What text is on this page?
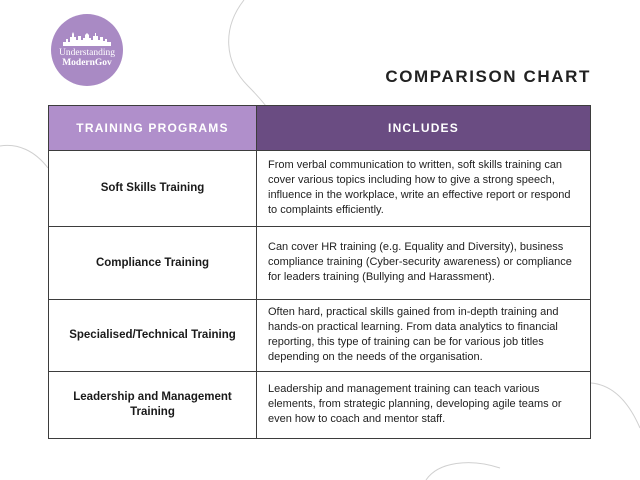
Understanding
ModernGov
COMPARISON CHART
TRAINING PROGRAMS	INCLUDES
Soft Skills Training	From verbal communication to written, soft skills training can cover various topics including how to give a strong speech, influence in the workplace, write an effective report or respond to complaints efficiently.
Compliance Training	Can cover HR training (e.g. Equality and Diversity), business compliance training (Cyber-security awareness) or compliance for leaders training (Bullying and Harassment).
Specialised/Technical Training	Often hard, practical skills gained from in-depth training and hands-on practical learning. From data analytics to financial reporting, this type of training can be for various job titles depending on the needs of the organisation.
Leadership and Management Training	Leadership and management training can teach various elements, from strategic planning, developing agile teams or even how to coach and mentor staff.
